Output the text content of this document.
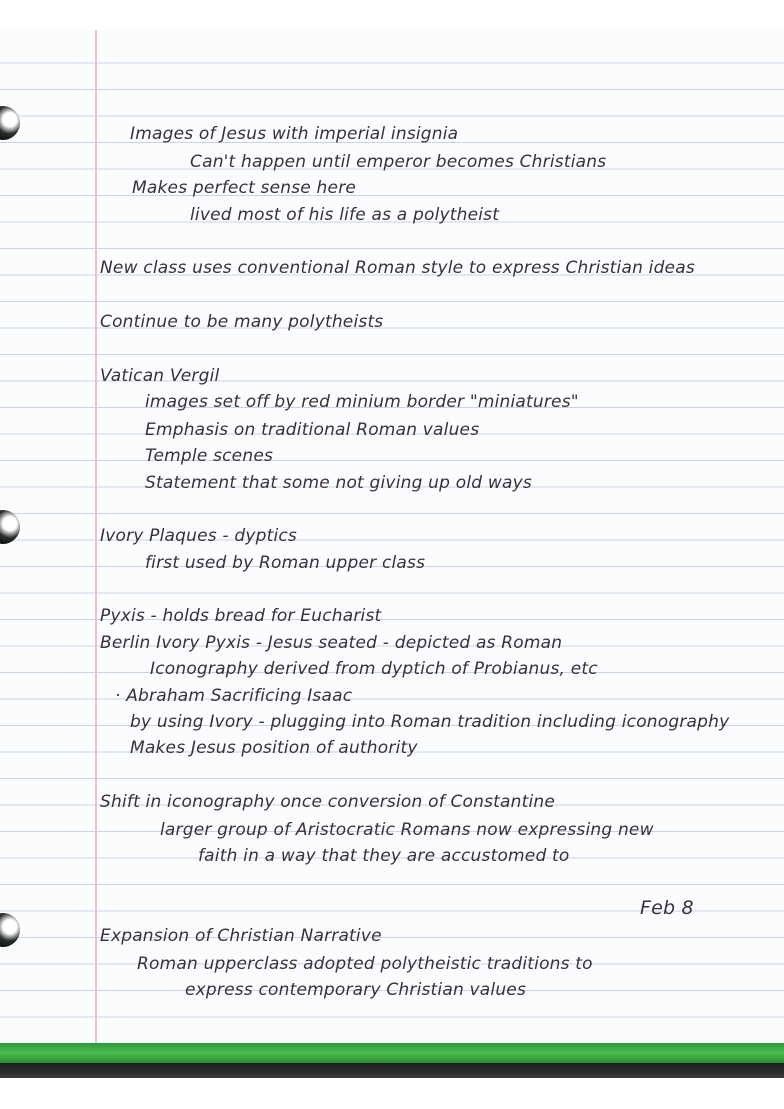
Images of Jesus with imperial insignia

Can't happen until emperor becomes Christians

Makes perfect sense here

lived most of his life as a polytheist

New class uses conventional Roman style to express Christian ideas

Continue to be many polytheists

Vatican Vergil

images set off by red minium border "miniatures"

Emphasis on traditional Roman values

Temple scenes

Statement that some not giving up old ways

Ivory Plaques - dyptics

first used by Roman upper class

Pyxis - holds bread for Eucharist

Berlin Ivory Pyxis - Jesus seated - depicted as Roman

Iconography derived from dyptich of Probianus, etc

· Abraham Sacrificing Isaac

by using Ivory - plugging into Roman tradition including iconography

Makes Jesus position of authority

Shift in iconography once conversion of Constantine

larger group of Aristocratic Romans now expressing new

faith in a way that they are accustomed to

Feb 8

Expansion of Christian Narrative

Roman upperclass adopted polytheistic traditions to

express contemporary Christian values
